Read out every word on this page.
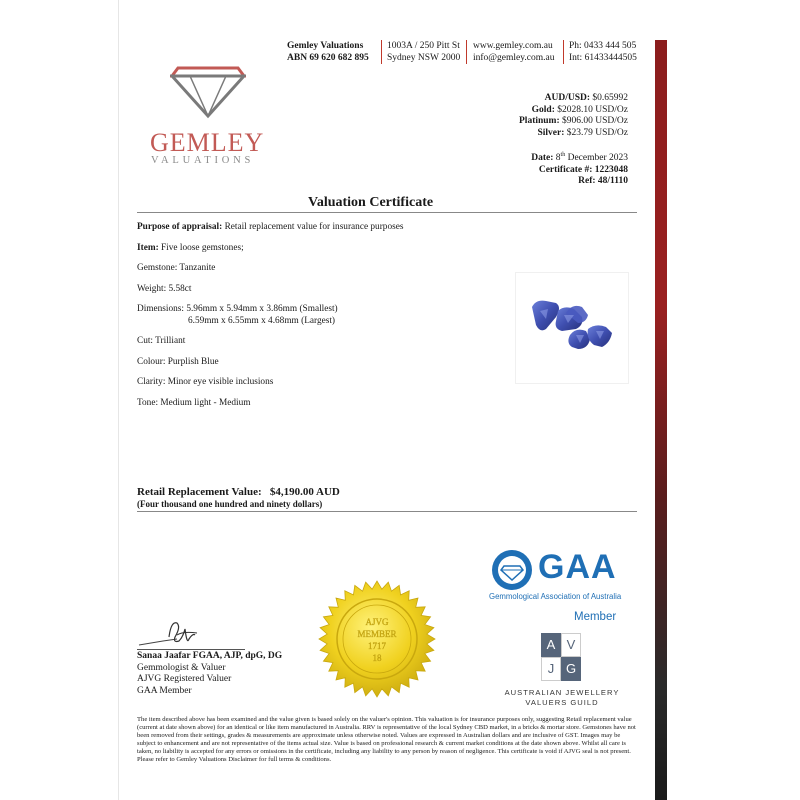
Gemley Valuations
ABN 69 620 682 895
1003A / 250 Pitt St
Sydney NSW 2000
www.gemley.com.au
info@gemley.com.au
Ph: 0433 444 505
Int: 61433444505
GEMLEY
VALUATIONS
AUD/USD: $0.65992
Gold: $2028.10 USD/Oz
Platinum: $906.00 USD/Oz
Silver: $23.79 USD/Oz
Date: 8th December 2023
Certificate #: 1223048
Ref: 48/1110
Valuation Certificate
Purpose of appraisal: Retail replacement value for insurance purposes
Item: Five loose gemstones;
Gemstone: Tanzanite
Weight: 5.58ct
Dimensions: 5.96mm x 5.94mm x 3.86mm (Smallest)
6.59mm x 6.55mm x 4.68mm (Largest)
Cut: Trilliant
Colour: Purplish Blue
Clarity: Minor eye visible inclusions
Tone: Medium light - Medium
Retail Replacement Value: $4,190.00 AUD
(Four thousand one hundred and ninety dollars)
GAA
Gemmological Association of Australia
Member
A V
J G
AUSTRALIAN JEWELLERY
VALUERS GUILD
AJVG
MEMBER
1717
18
Sanaa Jaafar FGAA, AJP, dpG, DG
Gemmologist & Valuer
AJVG Registered Valuer
GAA Member
The item described above has been examined and the value given is based solely on the valuer's opinion. This valuation is for insurance purposes only, suggesting Retail replacement value (current at date shown above) for an identical or like item manufactured in Australia. RRV is representative of the local Sydney CBD market, in a bricks & mortar store. Gemstones have not been removed from their settings, grades & measurements are approximate unless otherwise noted. Values are expressed in Australian dollars and are inclusive of GST. Images may be subject to enhancement and are not representative of the items actual size. Value is based on professional research & current market conditions at the date shown above. Whilst all care is taken, no liability is accepted for any errors or omissions in the certificate, including any liability to any person by reason of negligence. This certificate is void if AJVG seal is not present. Please refer to Gemley Valuations Disclaimer for full terms & conditions.
